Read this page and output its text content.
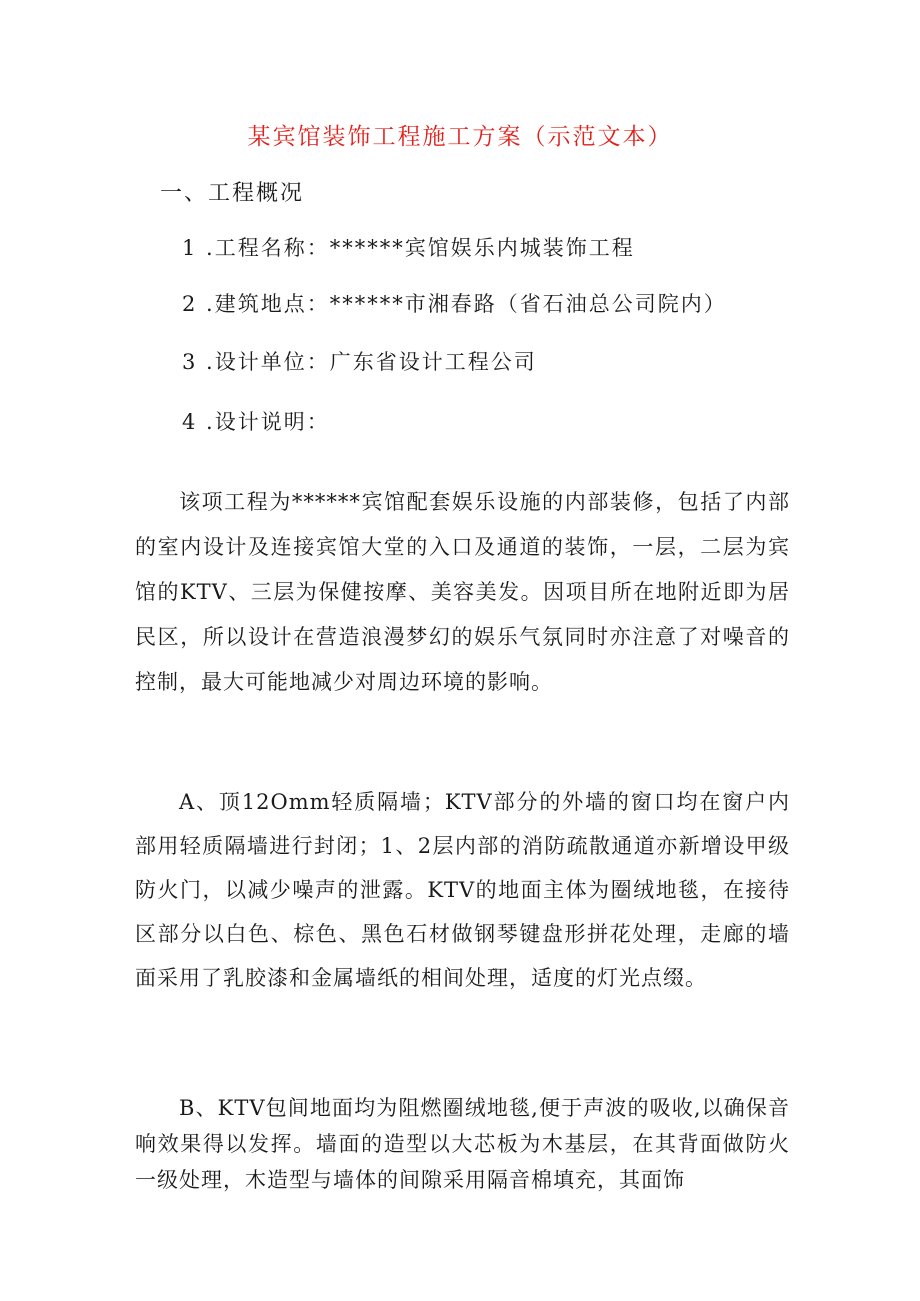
某宾馆装饰工程施工方案（示范文本）
一、工程概况
1 .工程名称：******宾馆娱乐内城装饰工程
2 .建筑地点：******市湘春路（省石油总公司院内）
3 .设计单位：广东省设计工程公司
4 .设计说明：

该项工程为******宾馆配套娱乐设施的内部装修，包括了内部的室内设计及连接宾馆大堂的入口及通道的装饰，一层，二层为宾馆的KTV、三层为保健按摩、美容美发。因项目所在地附近即为居民区，所以设计在营造浪漫梦幻的娱乐气氛同时亦注意了对噪音的控制，最大可能地减少对周边环境的影响。

A、顶12Omm轻质隔墙；KTV部分的外墙的窗口均在窗户内部用轻质隔墙进行封闭；1、2层内部的消防疏散通道亦新增设甲级防火门，以减少噪声的泄露。KTV的地面主体为圈绒地毯，在接待区部分以白色、棕色、黑色石材做钢琴键盘形拼花处理，走廊的墙面采用了乳胶漆和金属墙纸的相间处理，适度的灯光点缀。

B、KTV包间地面均为阻燃圈绒地毯,便于声波的吸收,以确保音响效果得以发挥。墙面的造型以大芯板为木基层，在其背面做防火一级处理，木造型与墙体的间隙采用隔音棉填充，其面饰
